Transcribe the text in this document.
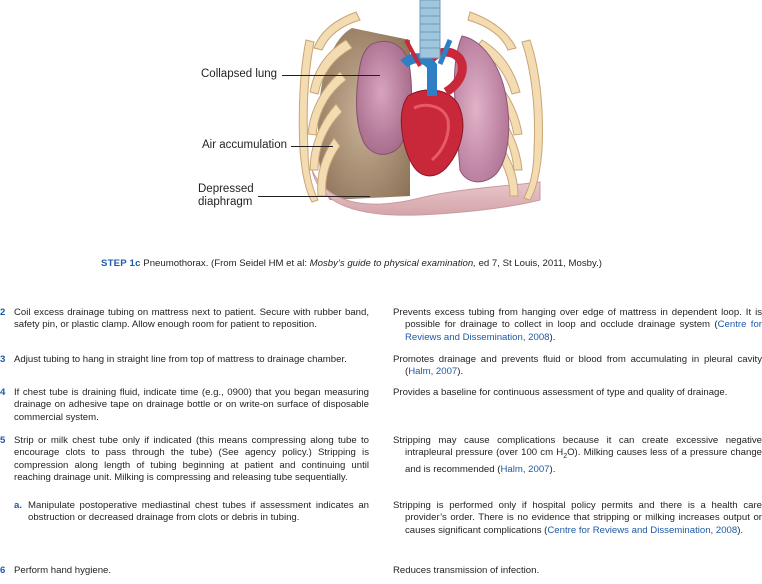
Collapsed lung
Air accumulation
Depressed
diaphragm
STEP 1c Pneumothorax. (From Seidel HM et al: Mosby’s guide to physical examination, ed 7, St Louis, 2011, Mosby.)
2 Coil excess drainage tubing on mattress next to patient. Secure with rubber band, safety pin, or plastic clamp. Allow enough room for patient to reposition.
Prevents excess tubing from hanging over edge of mattress in dependent loop. It is possible for drainage to collect in loop and occlude drainage system (Centre for Reviews and Dissemination, 2008).
3 Adjust tubing to hang in straight line from top of mattress to drainage chamber.	Promotes drainage and prevents fluid or blood from accumulating in pleural cavity (Halm, 2007).
4 If chest tube is draining fluid, indicate time (e.g., 0900) that you began measuring drainage on adhesive tape on drainage bottle or on write-on surface of disposable commercial system.
Provides a baseline for continuous assessment of type and quality of drainage.
5 Strip or milk chest tube only if indicated (this means compressing along tube to encourage clots to pass through the tube) (See agency policy.) Stripping is compression along length of tubing beginning at patient and continuing until reaching drainage unit. Milking is compressing and releasing tube sequentially.
Stripping may cause complications because it can create excessive negative intrapleural pressure (over 100 cm $H_2O$). Milking causes less of a pressure change and is recommended (Halm, 2007).
a. Manipulate postoperative mediastinal chest tubes if assessment indicates an obstruction or decreased drainage from clots or debris in tubing.
Stripping is performed only if hospital policy permits and there is a health care provider’s order. There is no evidence that stripping or milking increases output or causes significant complications (Centre for Reviews and Dissemination, 2008).
6 Perform hand hygiene.	Reduces transmission of infection.
